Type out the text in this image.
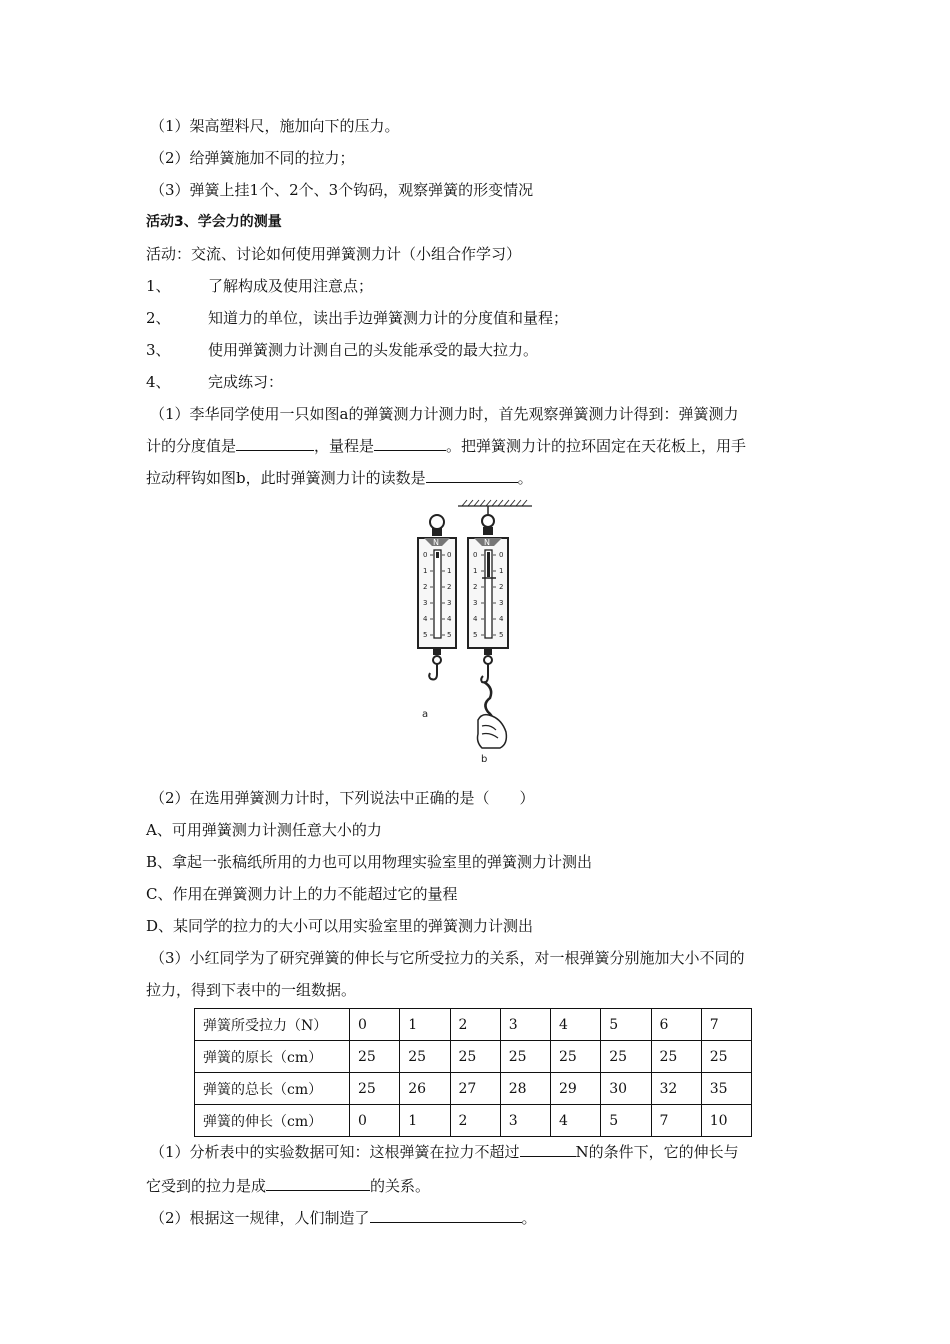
（1）架高塑料尺，施加向下的压力。
（2）给弹簧施加不同的拉力；
（3）弹簧上挂1个、2个、3个钩码，观察弹簧的形变情况
活动3、学会力的测量
活动：交流、讨论如何使用弹簧测力计（小组合作学习）
1、 了解构成及使用注意点；
2、 知道力的单位，读出手边弹簧测力计的分度值和量程；
3、 使用弹簧测力计测自己的头发能承受的最大拉力。
4、 完成练习：
（1）李华同学使用一只如图a的弹簧测力计测力时，首先观察弹簧测力计得到：弹簧测力
计的分度值是	，量程是	。把弹簧测力计的拉环固定在天花板上，用手
拉动秤钩如图b，此时弹簧测力计的读数是	。
N
0
1
2
3
4
5
0
1
2
3
4
5
a
N
0
1
2
3
4
5
0
1
2
3
4
5
b
（2）在选用弹簧测力计时，下列说法中正确的是（　　）
A、可用弹簧测力计测任意大小的力
B、拿起一张稿纸所用的力也可以用物理实验室里的弹簧测力计测出
C、作用在弹簧测力计上的力不能超过它的量程
D、某同学的拉力的大小可以用实验室里的弹簧测力计测出
（3）小红同学为了研究弹簧的伸长与它所受拉力的关系，对一根弹簧分别施加大小不同的
拉力，得到下表中的一组数据。
弹簧所受拉力（N）	0	1	2	3	4	5	6	7
弹簧的原长（cm）	25	25	25	25	25	25	25	25
弹簧的总长（cm）	25	26	27	28	29	30	32	35
弹簧的伸长（cm）	0	1	2	3	4	5	7	10
（1）分析表中的实验数据可知：这根弹簧在拉力不超过	N的条件下，它的伸长与
它受到的拉力是成	的关系。
（2）根据这一规律，人们制造了	。
